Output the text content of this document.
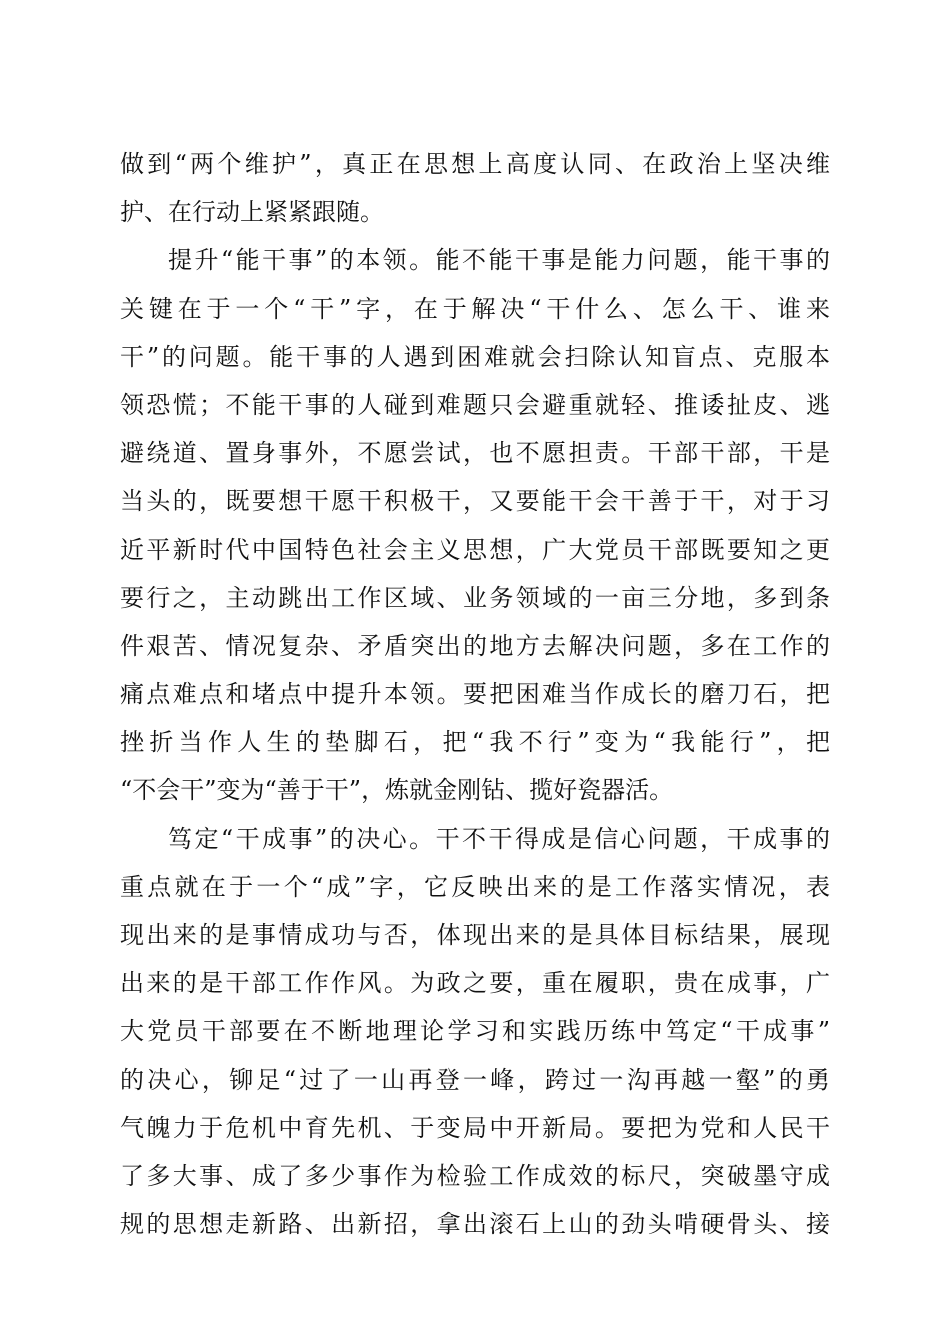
做到“两个维护”，真正在思想上高度认同、在政治上坚决维
护、在行动上紧紧跟随。
提升“能干事”的本领。能不能干事是能力问题，能干事的
关键在于一个“干”字，在于解决“干什么、怎么干、谁来
干”的问题。能干事的人遇到困难就会扫除认知盲点、克服本
领恐慌；不能干事的人碰到难题只会避重就轻、推诿扯皮、逃
避绕道、置身事外，不愿尝试，也不愿担责。干部干部，干是
当头的，既要想干愿干积极干，又要能干会干善于干，对于习
近平新时代中国特色社会主义思想，广大党员干部既要知之更
要行之，主动跳出工作区域、业务领域的一亩三分地，多到条
件艰苦、情况复杂、矛盾突出的地方去解决问题，多在工作的
痛点难点和堵点中提升本领。要把困难当作成长的磨刀石，把
挫折当作人生的垫脚石，把“我不行”变为“我能行”，把
“不会干”变为“善于干”，炼就金刚钻、揽好瓷器活。
笃定“干成事”的决心。干不干得成是信心问题，干成事的
重点就在于一个“成”字，它反映出来的是工作落实情况，表
现出来的是事情成功与否，体现出来的是具体目标结果，展现
出来的是干部工作作风。为政之要，重在履职，贵在成事，广
大党员干部要在不断地理论学习和实践历练中笃定“干成事”
的决心，铆足“过了一山再登一峰，跨过一沟再越一壑”的勇
气魄力于危机中育先机、于变局中开新局。要把为党和人民干
了多大事、成了多少事作为检验工作成效的标尺，突破墨守成
规的思想走新路、出新招，拿出滚石上山的劲头啃硬骨头、接
